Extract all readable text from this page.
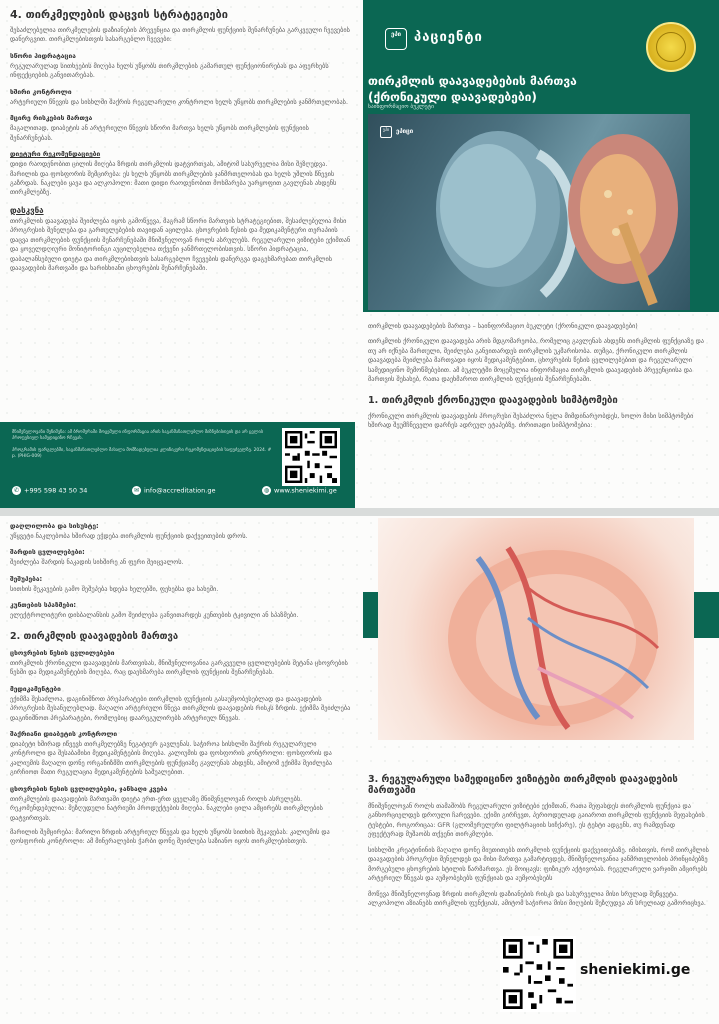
4. თირკმელების დაცვის სტრატეგიები
შესაძლებელია თირკმელების დაზიანების პრევენცია და თირკმლის ფუნქციის შენარჩუნება გარკვეული ჩვევების დანერგვით. თირკმლებისთვის სასარგებლო ჩვევები:
სწორი ჰიდრატაცია
რეგულარულად სითხეების მიღება ხელს უწყობს თირკმლების გამართულ ფუნქციონირებას და აფერხებს ინფექციების განვითარებას.
ხშირი კონტროლი
არტერიული წნევის და სისხლში შაქრის რეგულარული კონტროლი ხელს უწყობს თირკმლების ჯანმრთელობას.
მცირე რისკების მართვა
მაგალითად, დიაბეტის ან არტერიული წნევის სწორი მართვა ხელს უწყობს თირკმლების ფუნქციის შენარჩუნებას.
დიეტური რეკომენდაციები
დიდი რაოდენობით ცილის მიღება ზრდის თირკმლის დატვირთვას, ამიტომ სასურველია მისი შეზღუდვა. მარილის და ფოსფორის შემცირება: ეს ხელს უწყობს თირკმლების ჯანმრთელობას და ხელს უშლის წნევის გაზრდას. ნაკლები ყავა და ალკოჰოლი: მათი დიდი რაოდენობით მოხმარება უარყოფით გავლენას ახდენს თირკმლებზე.
დასკვნა
თირკმლის დაავადება შეიძლება იყოს გამოწვევა, მაგრამ სწორი მართვის სტრატეგიებით, შესაძლებელია მისი პროგრესის შენელება და გართულებების თავიდან აცილება. ცხოვრების წესის და მედიკამენტური თერაპიის დაცვა თირკმლების ფუნქციის შენარჩუნებაში მნიშვნელოვან როლს ასრულებს. რეგულარული ვიზიტები ექიმთან და ყოველდღიური მონიტორინგი აუცილებელია თქვენი ჯანმრთელობისთვის. სწორი ჰიდრატაცია, დაბალანსებული დიეტა და თირკმლებისთვის სასარგებლო ჩვევების დანერგვა დაგეხმარებათ თირკმლის დაავადების მართვაში და ხარისხიანი ცხოვრების შენარჩუნებაში.
მნიშვნელოვანი შენიშვნა: ამ ბროშურაში მოცემული ინფორმაცია არის საგანმანათლებლო მიზნებისთვის და არ ცვლის პროფესიულ სამედიცინო რჩევას.
პროგრამის ფარგლებში, საგანმანათლებლო მასალა მომზადებულია კლინიკური რეკომენდაციების საფუძველზე. 2024. # p. (PHIG-009)
✆ +995 598 43 50 34	✉ info@accreditation.ge	◍ www.sheniekimi.ge
ეპი პაციენტი
თირკმლის დაავადებების მართვა (ქრონიკული დაავადებები)
საინფორმაციო ბუკლეტი
ეპი	ეპიცი
თირკმლის დაავადებების მართვა – საინფორმაციო ბუკლეტი (ქრონიკული დაავადებები)
თირკმლის ქრონიკული დაავადება არის მდგომარეობა, რომელიც გავლენას ახდენს თირკმლის ფუნქციაზე და თუ არ იქნება მართული, შეიძლება განვითარდეს თირკმლის უკმარისობა. თუმცა, ქრონიკული თირკმლის დაავადება შეიძლება მართვადი იყოს მედიკამენტებით, ცხოვრების წესის ცვლილებებით და რეგულარული სამედიცინო შემოწმებებით. ამ ბუკლეტში მოცემულია ინფორმაცია თირკმლის დაავადების პრევენციისა და მართვის შესახებ, რათა დაეხმაროთ თირკმლის ფუნქციის შენარჩუნებაში.
1. თირკმლის ქრონიკული დაავადების სიმპტომები
ქრონიკული თირკმლის დაავადების პროგრესი შესაძლოა ნელა მიმდინარეობდეს, ხოლო მისი სიმპტომები ხშირად შეუმჩნეველი დარჩეს ადრეულ ეტაპებზე. ძირითადი სიმპტომებია:
დაღლილობა და სისუსტე:
უწყვეტი ნაკლებობა ხშირად ეჭდება თირკმლის ფუნქციის დაქვეითების დროს.
შარდის ცვლილებები:
შეიძლება შარდის ნაკადის სიხშირე ან ფერი შეიცვალოს.
შეშუპება:
სითხის შეკავების გამო შეშუპება ხდება ხელებში, ფეხებსა და სახეში.
კუნთების სპაზმები:
ელექტროლიტური დისბალანსის გამო შეიძლება განვითარდეს კუნთების ტკივილი ან სპაზმები.
2. თირკმლის დაავადების მართვა
ცხოვრების წესის ცვლილებები
თირკმლის ქრონიკული დაავადების მართვისას, მნიშვნელოვანია გარკვეული ცვლილებების შეტანა ცხოვრების წესში და მედიკამენტების მიღება, რაც დაეხმარება თირკმლის ფუნქციის შენარჩუნებას.
მედიკამენტები
ექიმმა შესაძლოა, დაგინიშნოთ პრეპარატები თირკმლის ფუნქციის გასაუმჯობესებლად და დაავადების პროგრესის შესანელებლად. მაღალი არტერიული წნევა თირკმლის დაავადების რისკს ზრდის. ექიმმა შეიძლება დაგინიშნოთ პრეპარატები, რომლებიც დაარეგულირებს არტერიულ წნევას.
შაქრიანი დიაბეტის კონტროლი
დიაბეტი ხშირად იწვევს თირკმელებზე ნეგატიურ გავლენას. საჭიროა სისხლში შაქრის რეგულარული კონტროლი და შესაბამისი მედიკამენტების მიღება. კალიუმის და ფოსფორის კონტროლი: ფოსფორის და კალიუმის მაღალი დონე ორგანიზმში თირკმლების ფუნქციაზე გავლენას ახდენს, ამიტომ ექიმმა შეიძლება გირჩიოთ მათი რეგულაცია მედიკამენტების საშუალებით.
ცხოვრების წესის ცვლილებები, ჯანსაღი კვება
თირკმლების დაავადების მართვაში დიეტა ერთ-ერთ ყველაზე მნიშვნელოვან როლს ასრულებს. რეკომენდებულია: შეზღუდული ნატრიუმი პროდუქტების მიღება. ნაკლები ცილა ამცირებს თირკმლების დატვირთვას.
მარილის შემცირება: მარილი ზრდის არტერიულ წნევას და ხელს უწყობს სითხის შეკავებას. კალიუმის და ფოსფორის კონტროლი: ამ მინერალების ჭარბი დონე შეიძლება საზიანო იყოს თირკმლებისთვის.
3. რეგულარული სამედიცინო ვიზიტები თირკმლის დაავადების მართვაში
მნიშვნელოვან როლს თამაშობს რეგულარული ვიზიტები ექიმთან, რათა შეფასდეს თირკმლის ფუნქცია და განხორციელდეს დროული ჩარევები. ექიმი გირჩევთ, პერიოდულად გაიაროთ თირკმლის ფუნქციის შეფასების ტესტები, როგორიცაა: GFR (გლომერულური ფილტრაციის სიჩქარე), ეს ტესტი ადგენს, თუ რამდენად ეფექტურად მუშაობს თქვენი თირკმლები.
სისხლში კრეატინინის მაღალი დონე მიუთითებს თირკმლის ფუნქციის დაქვეითებაზე. იმისთვის, რომ თირკმლის დაავადების პროგრესი შენელდეს და მისი მართვა გამარტივდეს, მნიშვნელოვანია ჯანმრთელობის პრინციპებზე მორგებული ცხოვრების სტილის წარმართვა. ეს მოიცავს: ფიზიკურ აქტივობას. რეგულარული ვარჯიში ამცირებს არტერიულ წნევას და აუმჯობესებს ფუნქციას და აუმჯობესებს
მოწევა მნიშვნელოვნად ზრდის თირკმლის დაზიანების რისკს და სასურველია მისი სრულად შეწყვეტა. ალკოჰოლი აზიანებს თირკმლის ფუნქციას, ამიტომ საჭიროა მისი მიღების შეზღუდვა ან სრულიად გამორიცხვა.
sheniekimi.ge
